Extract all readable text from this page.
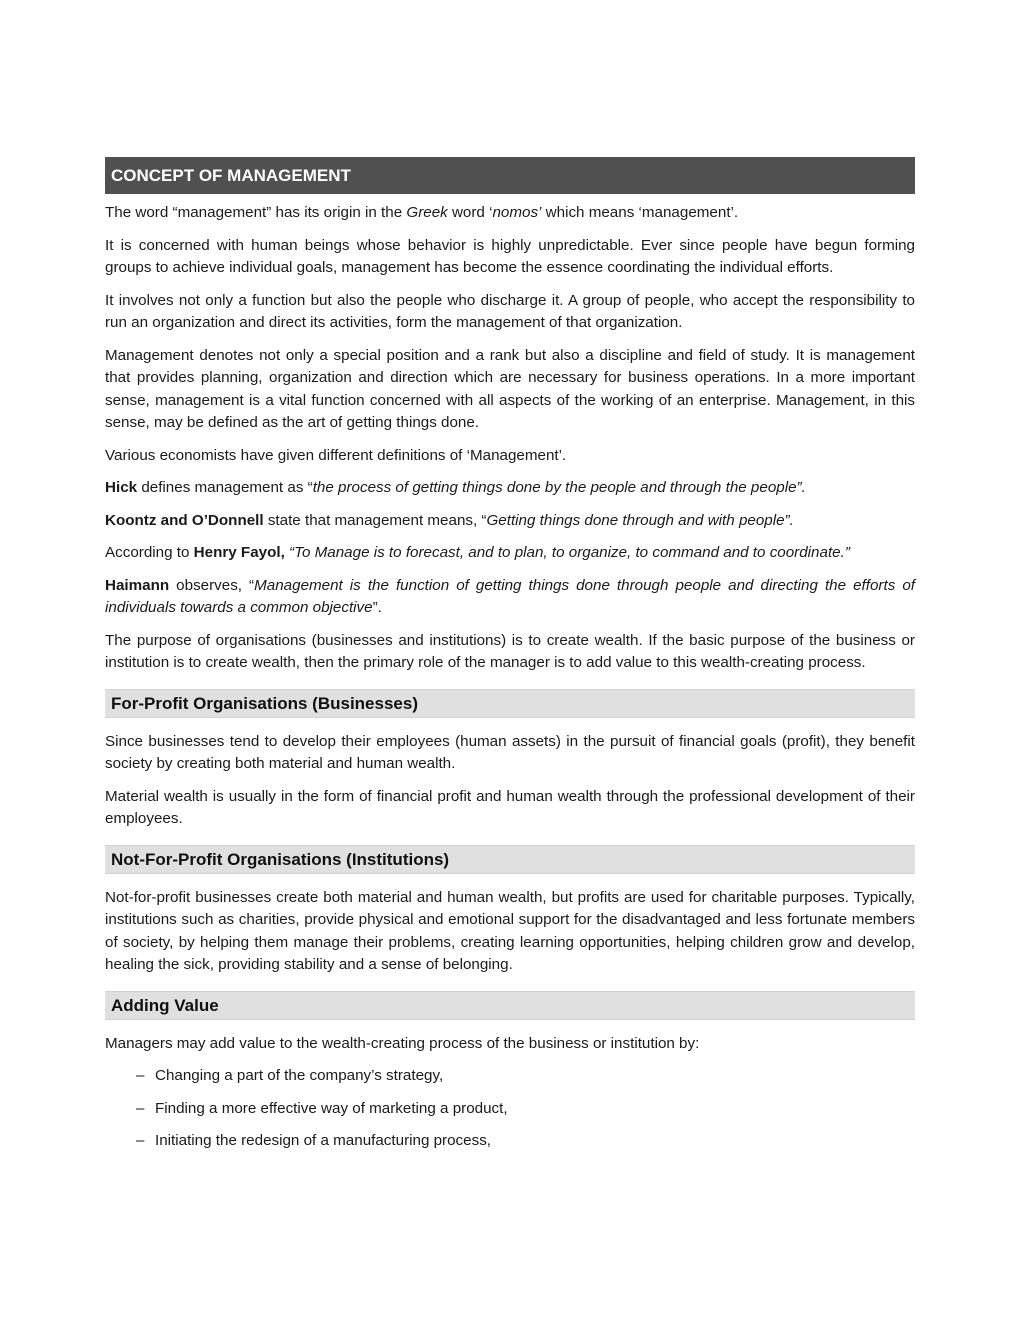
CONCEPT OF MANAGEMENT

The word “management” has its origin in the Greek word ‘nomos’ which means ‘management’.

It is concerned with human beings whose behavior is highly unpredictable. Ever since people have begun forming groups to achieve individual goals, management has become the essence coordinating the individual efforts.

It involves not only a function but also the people who discharge it. A group of people, who accept the responsibility to run an organization and direct its activities, form the management of that organization.

Management denotes not only a special position and a rank but also a discipline and field of study. It is management that provides planning, organization and direction which are necessary for business operations. In a more important sense, management is a vital function concerned with all aspects of the working of an enterprise. Management, in this sense, may be defined as the art of getting things done.

Various economists have given different definitions of ‘Management’.

Hick defines management as “the process of getting things done by the people and through the people”.

Koontz and O’Donnell state that management means, “Getting things done through and with people”.

According to Henry Fayol, “To Manage is to forecast, and to plan, to organize, to command and to coordinate.”

Haimann observes, “Management is the function of getting things done through people and directing the efforts of individuals towards a common objective”.

The purpose of organisations (businesses and institutions) is to create wealth. If the basic purpose of the business or institution is to create wealth, then the primary role of the manager is to add value to this wealth-creating process.

For-Profit Organisations (Businesses)

Since businesses tend to develop their employees (human assets) in the pursuit of financial goals (profit), they benefit society by creating both material and human wealth.

Material wealth is usually in the form of financial profit and human wealth through the professional development of their employees.

Not-For-Profit Organisations (Institutions)

Not-for-profit businesses create both material and human wealth, but profits are used for charitable purposes. Typically, institutions such as charities, provide physical and emotional support for the disadvantaged and less fortunate members of society, by helping them manage their problems, creating learning opportunities, helping children grow and develop, healing the sick, providing stability and a sense of belonging.

Adding Value

Managers may add value to the wealth-creating process of the business or institution by:

– Changing a part of the company’s strategy,
– Finding a more effective way of marketing a product,
– Initiating the redesign of a manufacturing process,
